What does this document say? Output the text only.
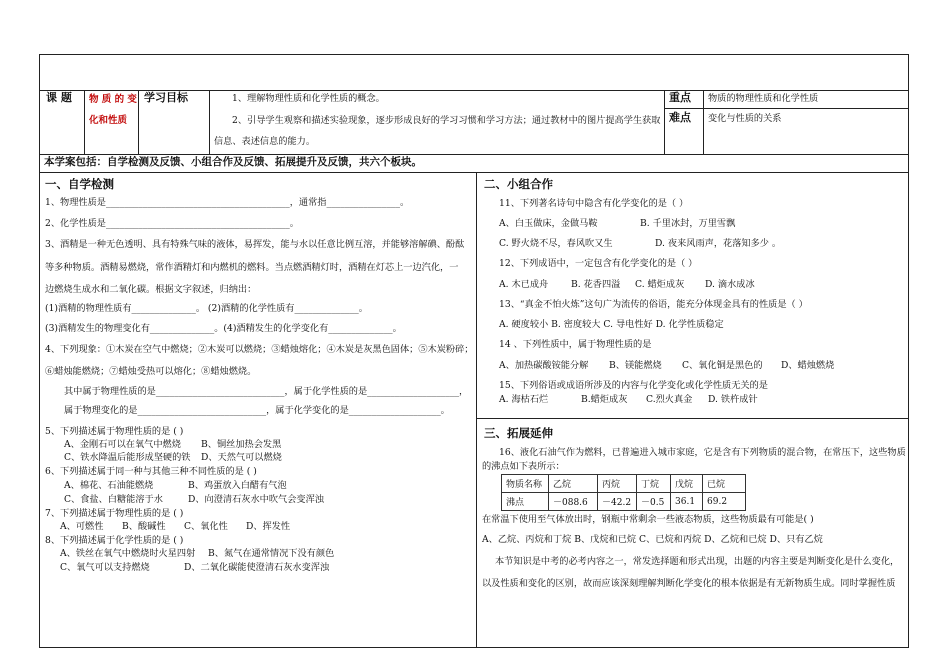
课 题 物 质 的 变
化和性质
学习目标	1、理解物理性质和化学性质的概念。
2、引导学生观察和描述实验现象，逐步形成良好的学习习惯和学习方法；通过教材中的图片提高学生获取
信息、表述信息的能力。
重点 物质的物理性质和化学性质
难点 变化与性质的关系
本学案包括：自学检测及反馈、小组合作及反馈、拓展提升及反馈，共六个板块。
一、自学检测
1、物理性质是________________________________________，通常指________________。
2、化学性质是________________________________________。
3、酒精是一种无色透明、具有特殊气味的液体，易挥发，能与水以任意比例互溶，并能够溶解碘、酚酞
等多种物质。酒精易燃烧，常作酒精灯和内燃机的燃料。当点燃酒精灯时，酒精在灯芯上一边汽化，一
边燃烧生成水和二氧化碳。根据文字叙述，归纳出：
(1)酒精的物理性质有______________。 (2)酒精的化学性质有______________。
(3)酒精发生的物理变化有______________。(4)酒精发生的化学变化有______________。
4、下列现象：①木炭在空气中燃烧；②木炭可以燃烧；③蜡烛熔化；④木炭是灰黑色固体；⑤木炭粉碎；
⑥蜡烛能燃烧；⑦蜡烛受热可以熔化；⑧蜡烛燃烧。
其中属于物理性质的是____________________________，属于化学性质的是____________________，
属于物理变化的是____________________________，属于化学变化的是____________________。
5、下列描述属于物理性质的是 ( )
A、金刚石可以在氧气中燃烧 B、铜丝加热会发黑
C、铁水降温后能形成坚硬的铁 D、天然气可以燃烧
6、下列描述属于同一种与其他三种不同性质的是 ( )
A、棉花、石油能燃烧	B、鸡蛋放入白醋有气泡
C、食盐、白糖能溶于水	D、向澄清石灰水中吹气会变浑浊
7、下列描述属于物理性质的是 ( )
A、可燃性 B、酸碱性 C、氧化性 D、挥发性
8、下列描述属于化学性质的是 ( )
A、铁丝在氧气中燃烧时火星四射 B、氮气在通常情况下没有颜色
C、氧气可以支持燃烧	D、二氧化碳能使澄清石灰水变浑浊
二、小组合作
11、下列著名诗句中隐含有化学变化的是（ ）
A、白玉做床，金做马鞍	B. 千里冰封，万里雪飘
C. 野火烧不尽，春风吹又生	D. 夜来风雨声，花落知多少 。
12、下列成语中，一定包含有化学变化的是（ ）
A. 木已成舟 B. 花香四溢 C. 蜡炬成灰 D. 滴水成冰
13、“真金不怕火炼”这句广为流传的俗语，能充分体现金具有的性质是（ ）
A. 硬度较小 B. 密度较大 C. 导电性好 D. 化学性质稳定
14 、下列性质中，属于物理性质的是
A、加热碳酸铵能分解 B、镁能燃烧 C、氧化铜是黑色的 D、蜡烛燃烧
15、下列俗语或成语所涉及的内容与化学变化或化学性质无关的是
A. 海枯石烂	B.蜡炬成灰 C.烈火真金 D. 铁杵成针
三、拓展延伸
16、液化石油气作为燃料，已普遍进入城市家庭，它是含有下列物质的混合物，在常压下，这些物质
的沸点如下表所示：
物质名称	乙烷	丙烷	丁烷	戊烷	已烷
沸点	－088.6	－42.2	－0.5	36.1	69.2
在常温下使用至气体放出时，钢瓶中常剩余一些液态物质，这些物质最有可能是( )
A、乙烷、丙烷和丁烷 B、戊烷和已烷 C、已烷和丙烷 D、乙烷和已烷 D、只有乙烷
本节知识是中考的必考内容之一，常发选择题和形式出现，出题的内容主要是判断变化是什么变化，
以及性质和变化的区别，故而应该深刻理解判断化学变化的根本依据是有无新物质生成。同时掌握性质
